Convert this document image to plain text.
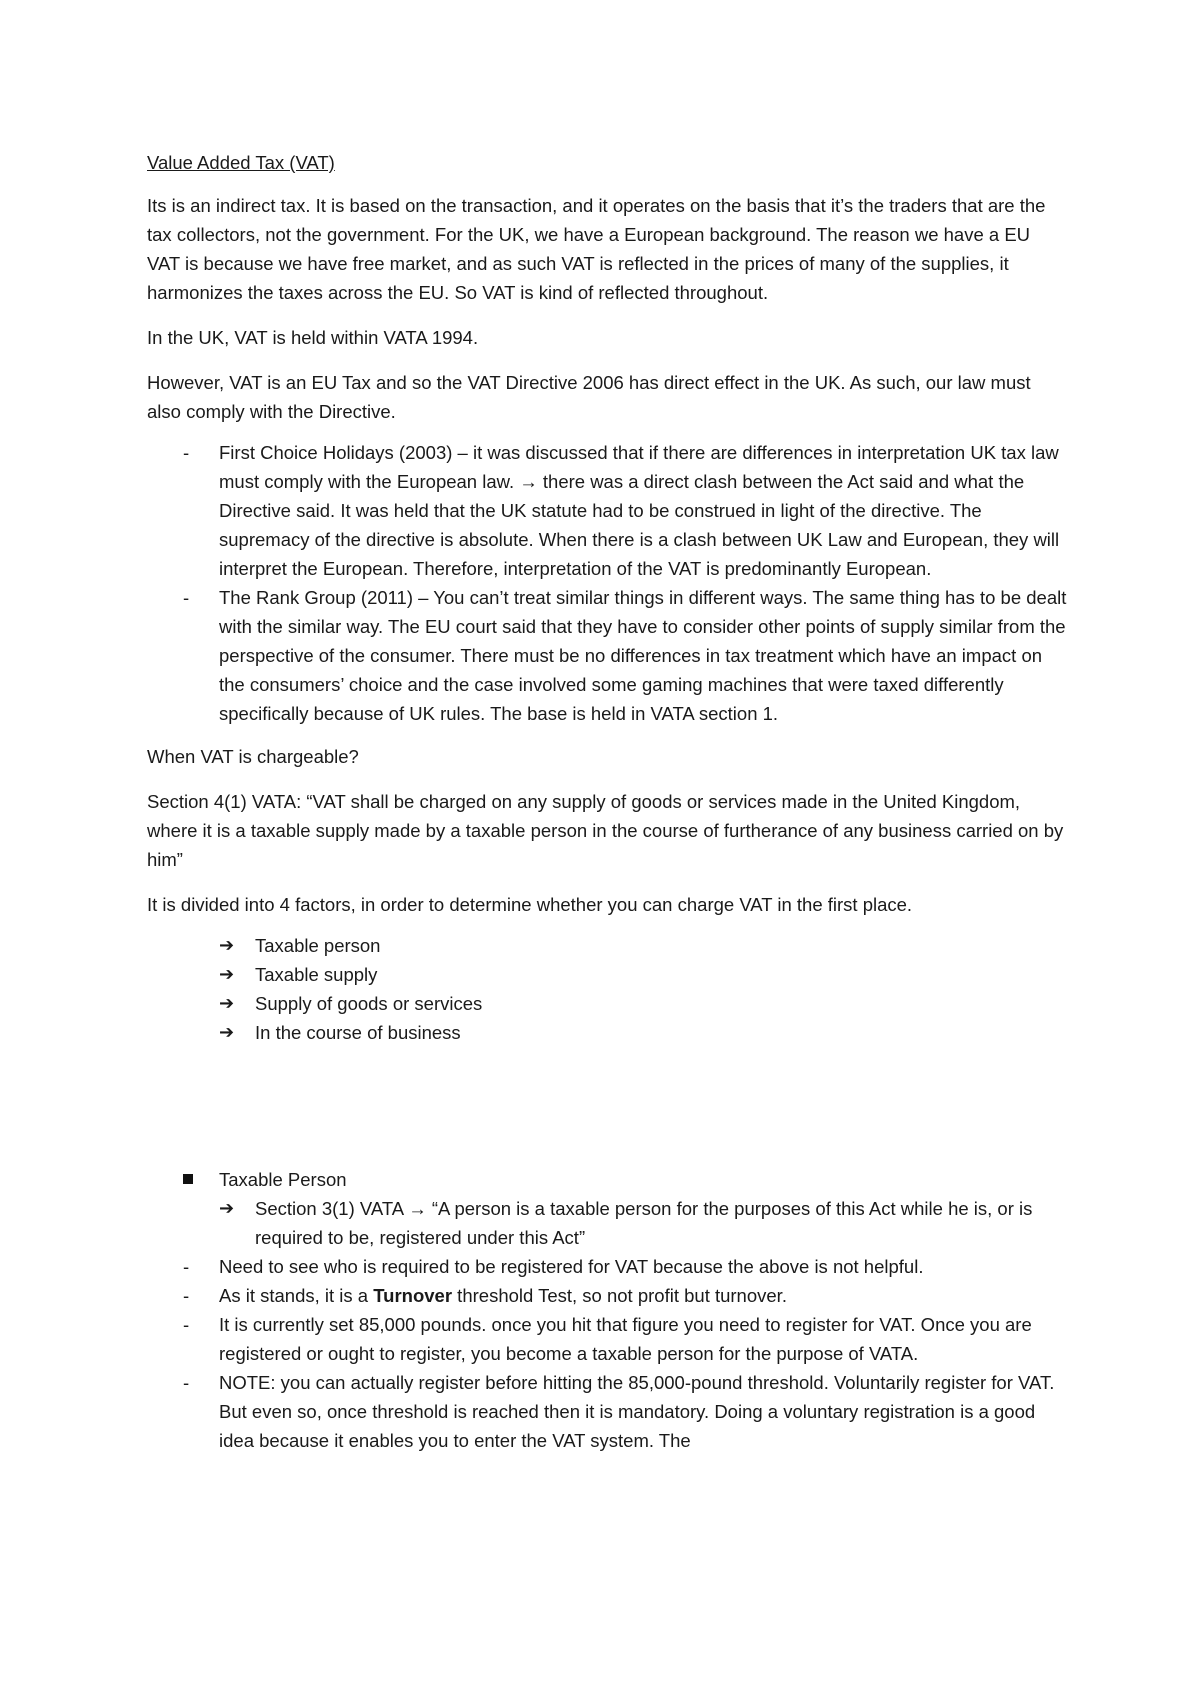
Value Added Tax (VAT)

Its is an indirect tax. It is based on the transaction, and it operates on the basis that it’s the traders that are the tax collectors, not the government. For the UK, we have a European background. The reason we have a EU VAT is because we have free market, and as such VAT is reflected in the prices of many of the supplies, it harmonizes the taxes across the EU. So VAT is kind of reflected throughout.

In the UK, VAT is held within VATA 1994.

However, VAT is an EU Tax and so the VAT Directive 2006 has direct effect in the UK. As such, our law must also comply with the Directive.

- First Choice Holidays (2003) – it was discussed that if there are differences in interpretation UK tax law must comply with the European law. → there was a direct clash between the Act said and what the Directive said. It was held that the UK statute had to be construed in light of the directive. The supremacy of the directive is absolute. When there is a clash between UK Law and European, they will interpret the European. Therefore, interpretation of the VAT is predominantly European.
- The Rank Group (2011) – You can’t treat similar things in different ways. The same thing has to be dealt with the similar way. The EU court said that they have to consider other points of supply similar from the perspective of the consumer. There must be no differences in tax treatment which have an impact on the consumers’ choice and the case involved some gaming machines that were taxed differently specifically because of UK rules. The base is held in VATA section 1.

When VAT is chargeable?

Section 4(1) VATA: “VAT shall be charged on any supply of goods or services made in the United Kingdom, where it is a taxable supply made by a taxable person in the course of furtherance of any business carried on by him”

It is divided into 4 factors, in order to determine whether you can charge VAT in the first place.

➔ Taxable person
➔ Taxable supply
➔ Supply of goods or services
➔ In the course of business
Taxable Person
➔ Section 3(1) VATA → “A person is a taxable person for the purposes of this Act while he is, or is required to be, registered under this Act”
- Need to see who is required to be registered for VAT because the above is not helpful.
- As it stands, it is a Turnover threshold Test, so not profit but turnover.
- It is currently set 85,000 pounds. once you hit that figure you need to register for VAT. Once you are registered or ought to register, you become a taxable person for the purpose of VATA.
- NOTE: you can actually register before hitting the 85,000-pound threshold. Voluntarily register for VAT. But even so, once threshold is reached then it is mandatory. Doing a voluntary registration is a good idea because it enables you to enter the VAT system. The
